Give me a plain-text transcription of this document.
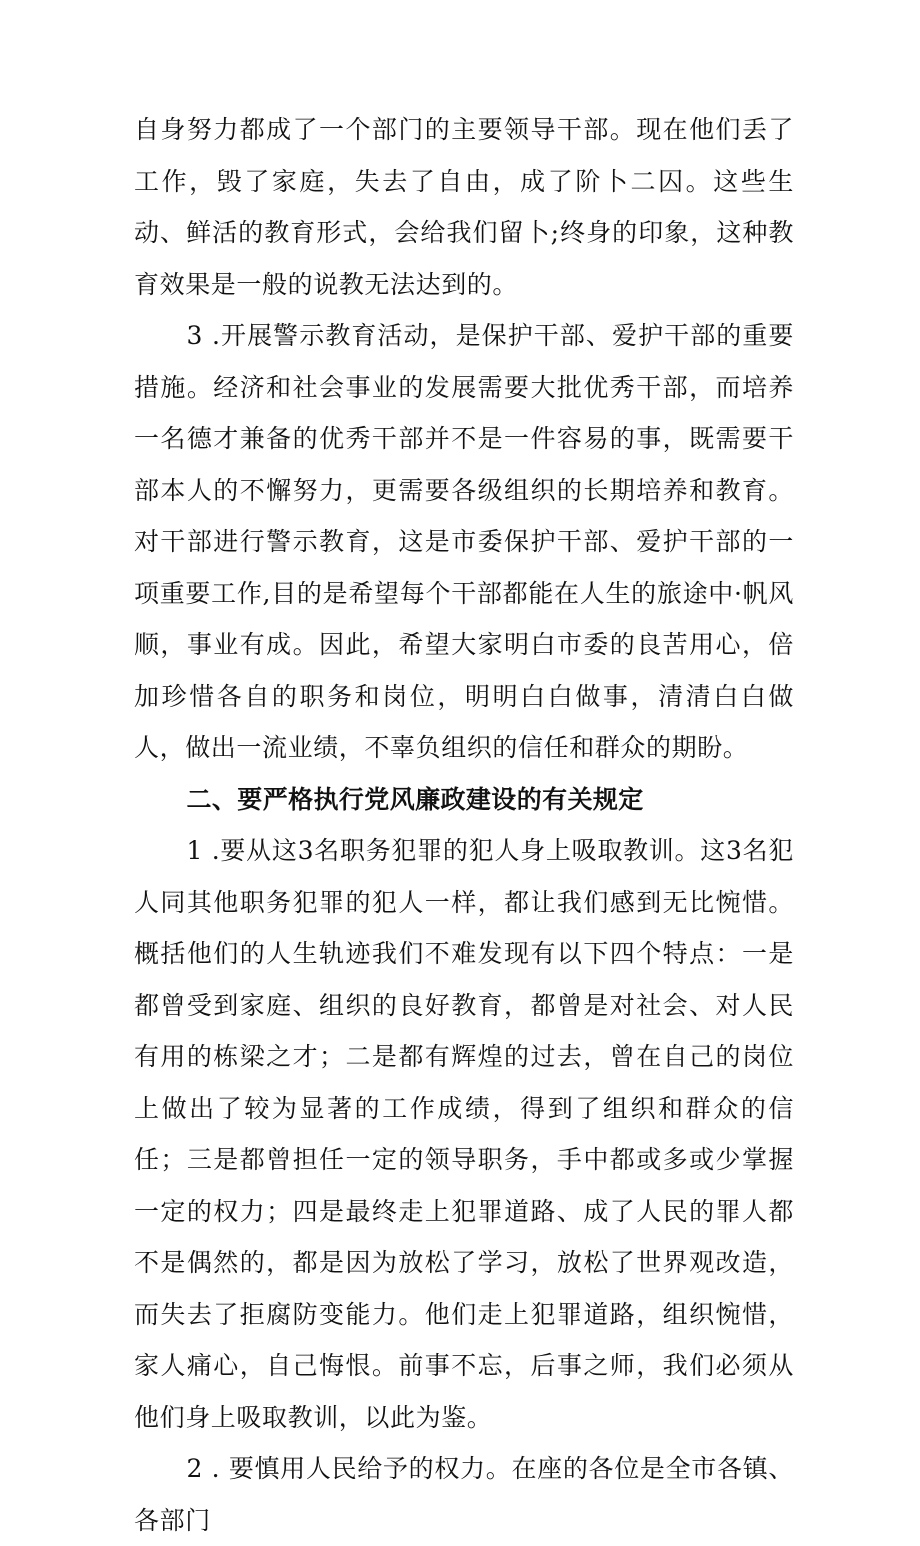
自身努力都成了一个部门的主要领导干部。现在他们丢了工作，毁了家庭，失去了自由，成了阶卜二囚。这些生动、鲜活的教育形式，会给我们留卜;终身的印象，这种教育效果是一般的说教无法达到的。

3 .开展警示教育活动，是保护干部、爱护干部的重要措施。经济和社会事业的发展需要大批优秀干部，而培养一名德才兼备的优秀干部并不是一件容易的事，既需要干部本人的不懈努力，更需要各级组织的长期培养和教育。对干部进行警示教育，这是市委保护干部、爱护干部的一项重要工作,目的是希望每个干部都能在人生的旅途中·帆风顺，事业有成。因此，希望大家明白市委的良苦用心，倍加珍惜各自的职务和岗位，明明白白做事，清清白白做人，做出一流业绩，不辜负组织的信任和群众的期盼。

二、要严格执行党风廉政建设的有关规定

1 .要从这3名职务犯罪的犯人身上吸取教训。这3名犯人同其他职务犯罪的犯人一样，都让我们感到无比惋惜。概括他们的人生轨迹我们不难发现有以下四个特点：一是都曾受到家庭、组织的良好教育，都曾是对社会、对人民有用的栋梁之才；二是都有辉煌的过去，曾在自己的岗位上做出了较为显著的工作成绩，得到了组织和群众的信任；三是都曾担任一定的领导职务，手中都或多或少掌握一定的权力；四是最终走上犯罪道路、成了人民的罪人都不是偶然的，都是因为放松了学习，放松了世界观改造，而失去了拒腐防变能力。他们走上犯罪道路，组织惋惜，家人痛心，自己悔恨。前事不忘，后事之师，我们必须从他们身上吸取教训，以此为鉴。

2 . 要慎用人民给予的权力。在座的各位是全市各镇、各部门
